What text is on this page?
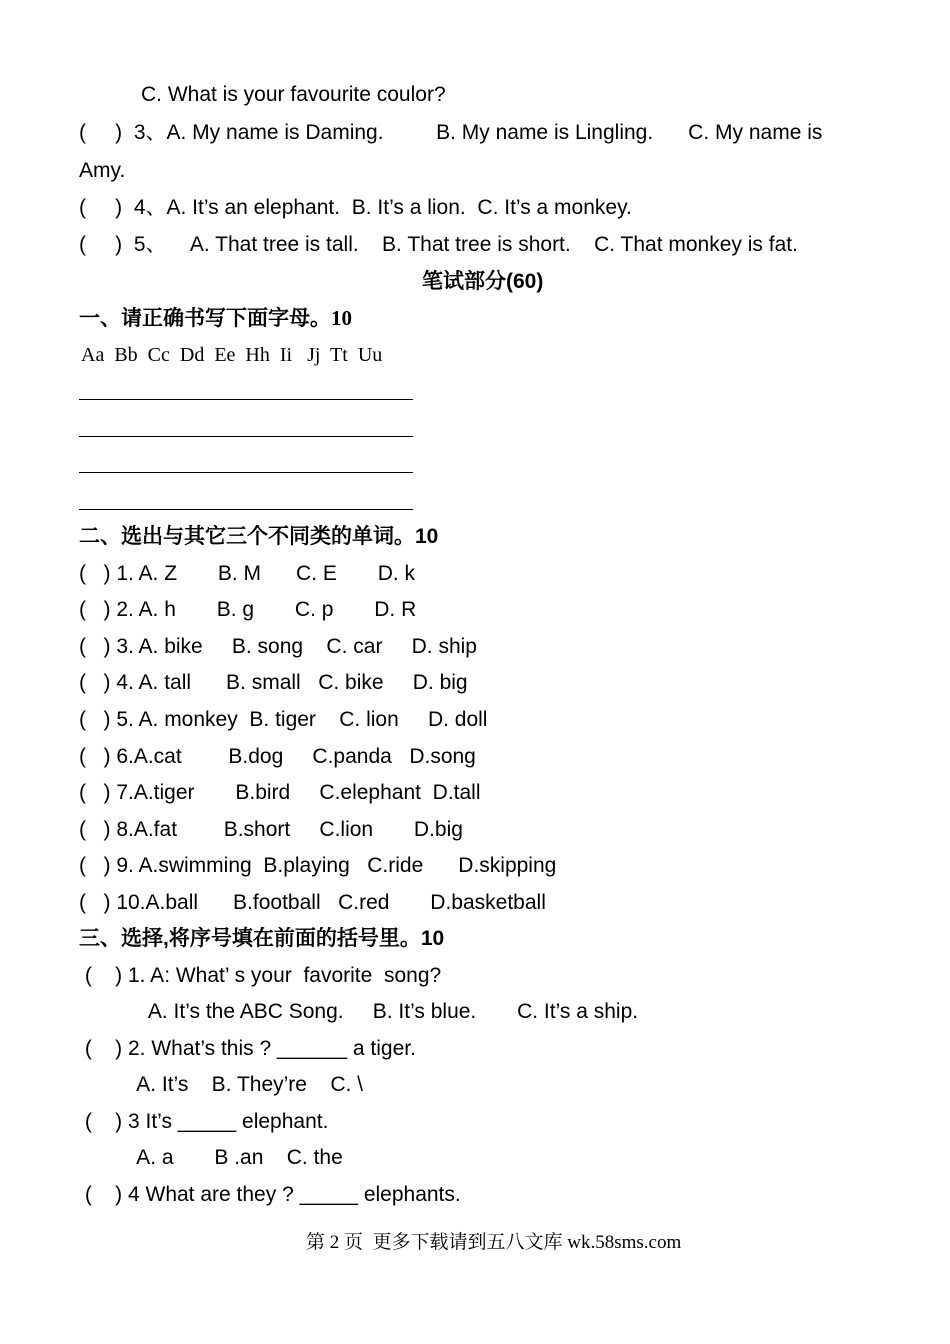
C. What is your favourite coulor?
(     )  3、A. My name is Daming.         B. My name is Lingling.      C. My name is
Amy.
(     )  4、A. It’s an elephant.  B. It’s a lion.  C. It’s a monkey.
(     )  5、    A. That tree is tall.    B. That tree is short.    C. That monkey is fat.
笔试部分(60)
一、请正确书写下面字母。10
Aa  Bb  Cc  Dd  Ee  Hh  Ii   Jj  Tt  Uu
二、选出与其它三个不同类的单词。10
(   ) 1. A. Z       B. M      C. E       D. k
(   ) 2. A. h       B. g       C. p       D. R
(   ) 3. A. bike     B. song    C. car     D. ship
(   ) 4. A. tall      B. small   C. bike     D. big
(   ) 5. A. monkey  B. tiger    C. lion     D. doll
(   ) 6.A.cat        B.dog     C.panda   D.song
(   ) 7.A.tiger       B.bird     C.elephant  D.tall
(   ) 8.A.fat        B.short     C.lion       D.big
(   ) 9. A.swimming  B.playing   C.ride      D.skipping
(   ) 10.A.ball      B.football   C.red       D.basketball
三、选择,将序号填在前面的括号里。10
(    ) 1. A: What’ s your  favorite  song?
A. It’s the ABC Song.     B. It’s blue.       C. It’s a ship.
(    ) 2. What’s this ? ______ a tiger.
A. It’s    B. They’re    C. \
(    ) 3 It’s _____ elephant.
A. a       B .an    C. the
(    ) 4 What are they ? _____ elephants.
第 2 页  更多下载请到五八文库 wk.58sms.com
